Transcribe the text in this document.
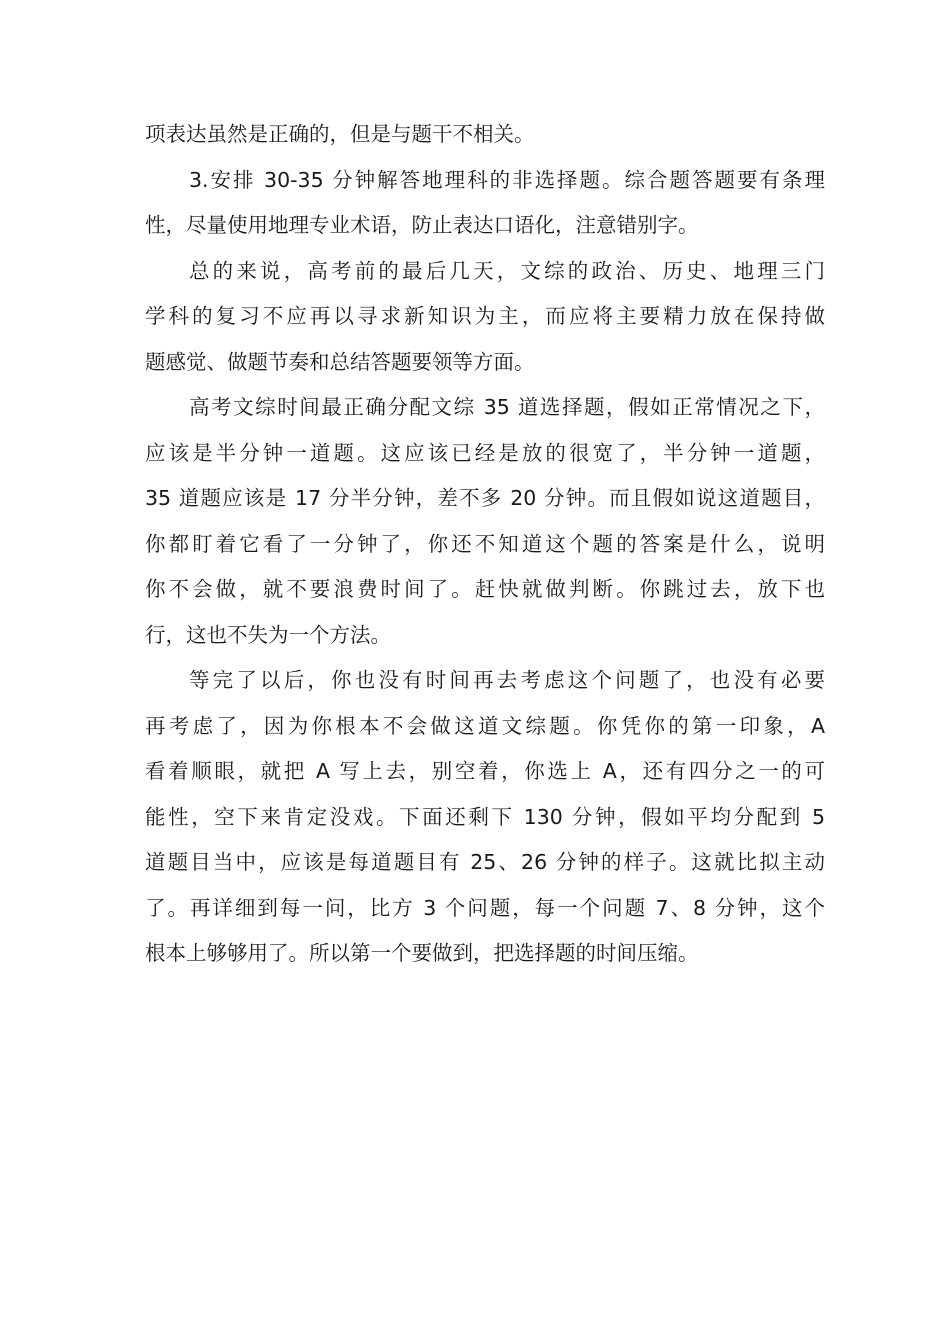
项表达虽然是正确的，但是与题干不相关。
3.安排 30-35 分钟解答地理科的非选择题。综合题答题要有条理
性，尽量使用地理专业术语，防止表达口语化，注意错别字。
总的来说，高考前的最后几天，文综的政治、历史、地理三门
学科的复习不应再以寻求新知识为主，而应将主要精力放在保持做
题感觉、做题节奏和总结答题要领等方面。
高考文综时间最正确分配文综 35 道选择题，假如正常情况之下，
应该是半分钟一道题。这应该已经是放的很宽了，半分钟一道题，
35 道题应该是 17 分半分钟，差不多 20 分钟。而且假如说这道题目，
你都盯着它看了一分钟了，你还不知道这个题的答案是什么，说明
你不会做，就不要浪费时间了。赶快就做判断。你跳过去，放下也
行，这也不失为一个方法。
等完了以后，你也没有时间再去考虑这个问题了，也没有必要
再考虑了，因为你根本不会做这道文综题。你凭你的第一印象，A
看着顺眼，就把 A 写上去，别空着，你选上 A，还有四分之一的可
能性，空下来肯定没戏。下面还剩下 130 分钟，假如平均分配到 5
道题目当中，应该是每道题目有 25、26 分钟的样子。这就比拟主动
了。再详细到每一问，比方 3 个问题，每一个问题 7、8 分钟，这个
根本上够够用了。所以第一个要做到，把选择题的时间压缩。
